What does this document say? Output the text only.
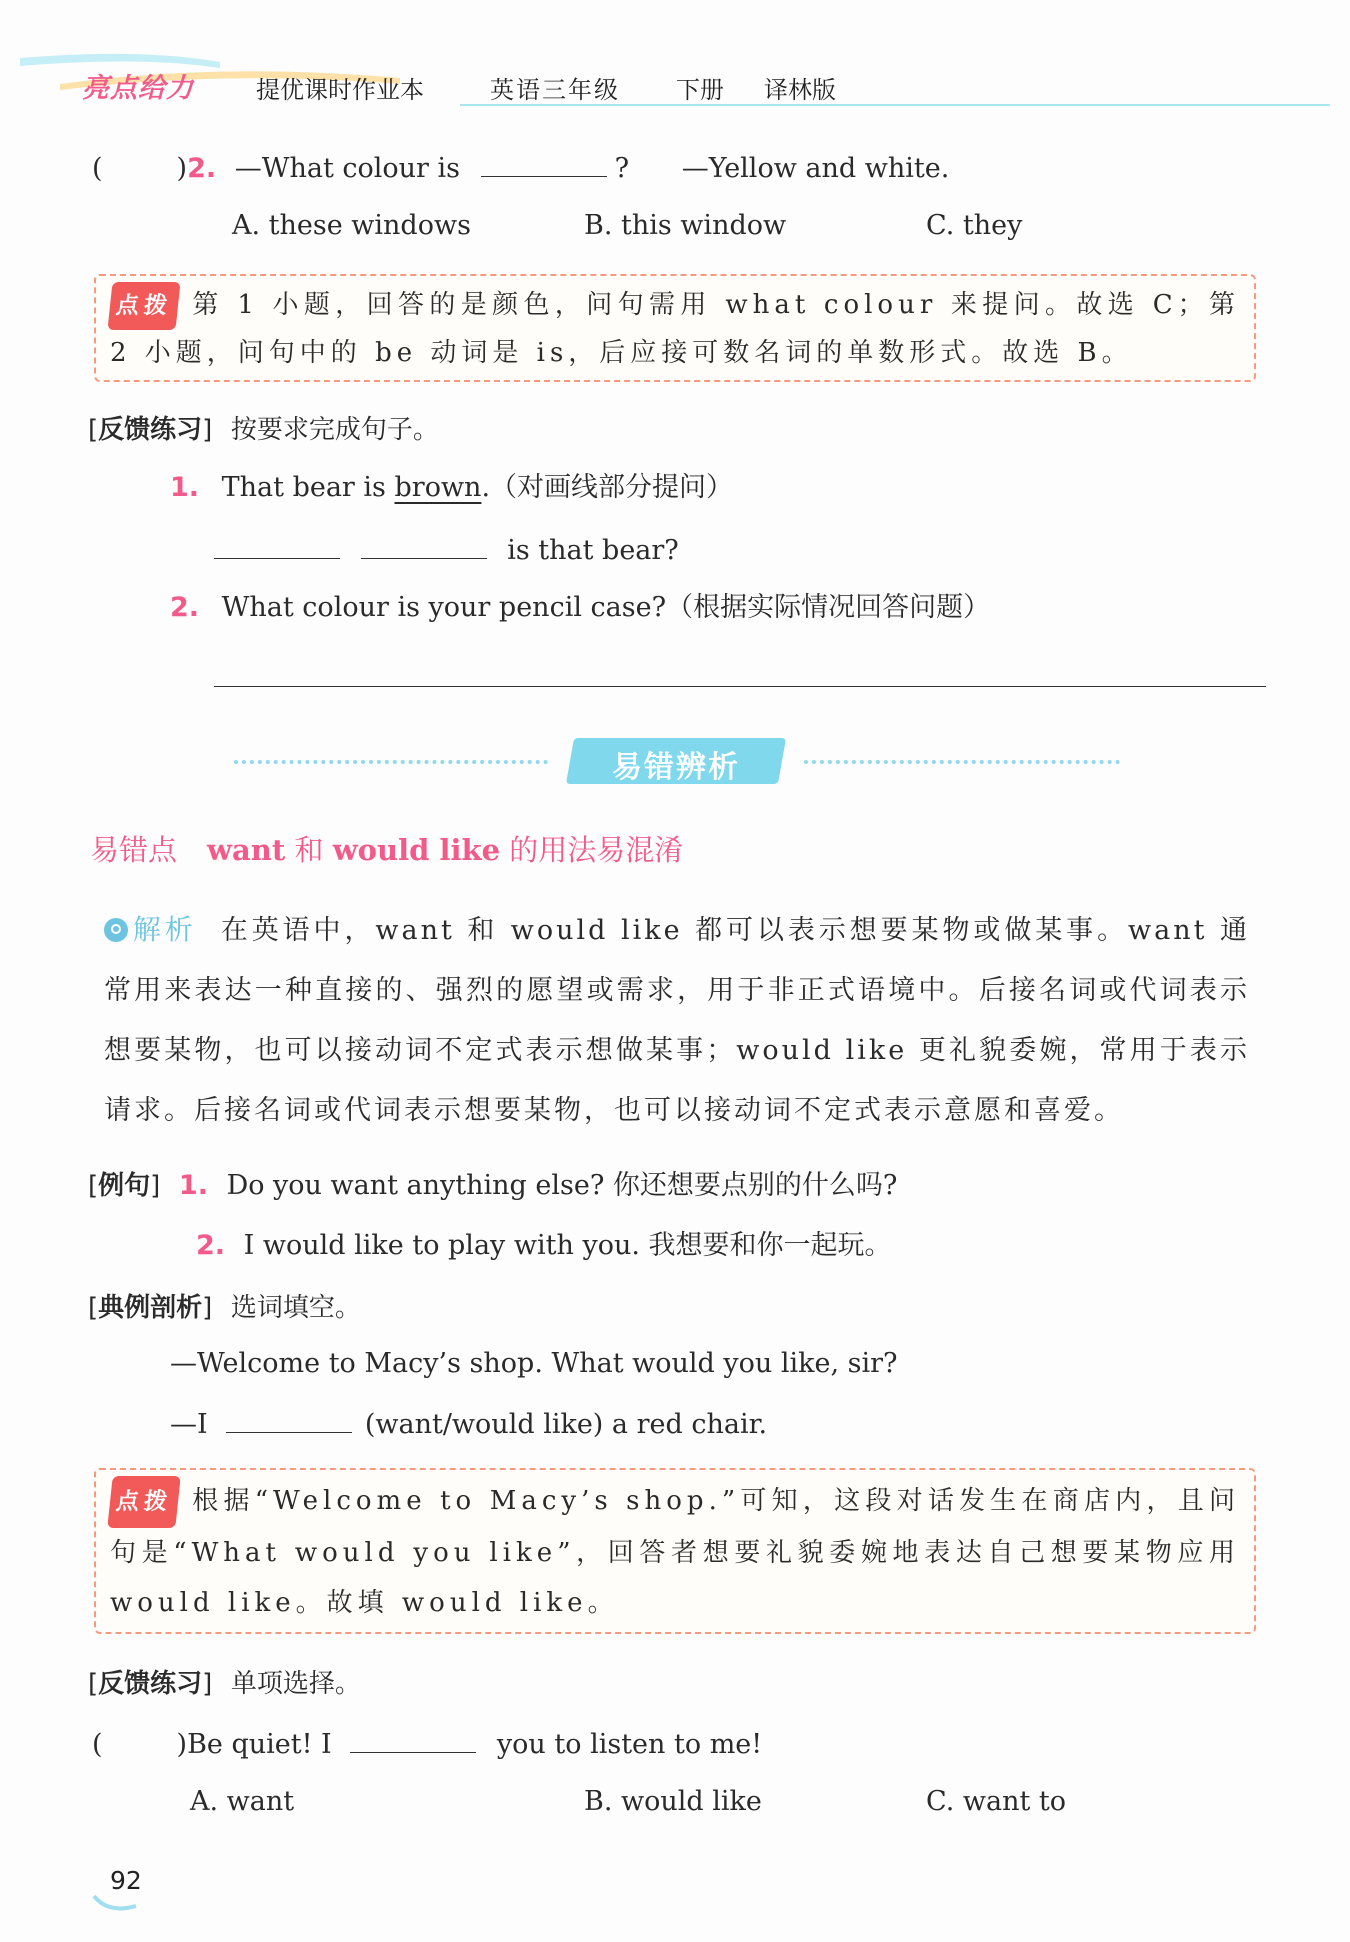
亮点给力	提优课时作业本	英语三年级 下册 译林版
(	)2. —What colour is	? —Yellow and white.
A. these windows	B. this window	C. they
点拨 第 1 小题，回答的是颜色，问句需用 what colour 来提问。故选 C；第 2 小题，问句中的 be 动词是 is，后应接可数名词的单数形式。故选 B。
[反馈练习] 按要求完成句子。
1. That bear is brown.（对画线部分提问）
is that bear?
2. What colour is your pencil case?（根据实际情况回答问题）
易错辨析
易错点 want 和 would like 的用法易混淆
解析 在英语中，want 和 would like 都可以表示想要某物或做某事。want 通常用来表达一种直接的、强烈的愿望或需求，用于非正式语境中。后接名词或代词表示想要某物，也可以接动词不定式表示想做某事；would like 更礼貌委婉，常用于表示请求。后接名词或代词表示想要某物，也可以接动词不定式表示意愿和喜爱。
[例句] 1. Do you want anything else? 你还想要点别的什么吗?
2. I would like to play with you. 我想要和你一起玩。
[典例剖析] 选词填空。
—Welcome to Macy’s shop. What would you like, sir?
—I	(want/would like) a red chair.
点拨 根据“Welcome to Macy’s shop.”可知，这段对话发生在商店内，且问句是“What would you like”，回答者想要礼貌委婉地表达自己想要某物应用 would like。故填 would like。
[反馈练习] 单项选择。
(	)Be quiet! I	you to listen to me!
A. want	B. would like	C. want to
92
